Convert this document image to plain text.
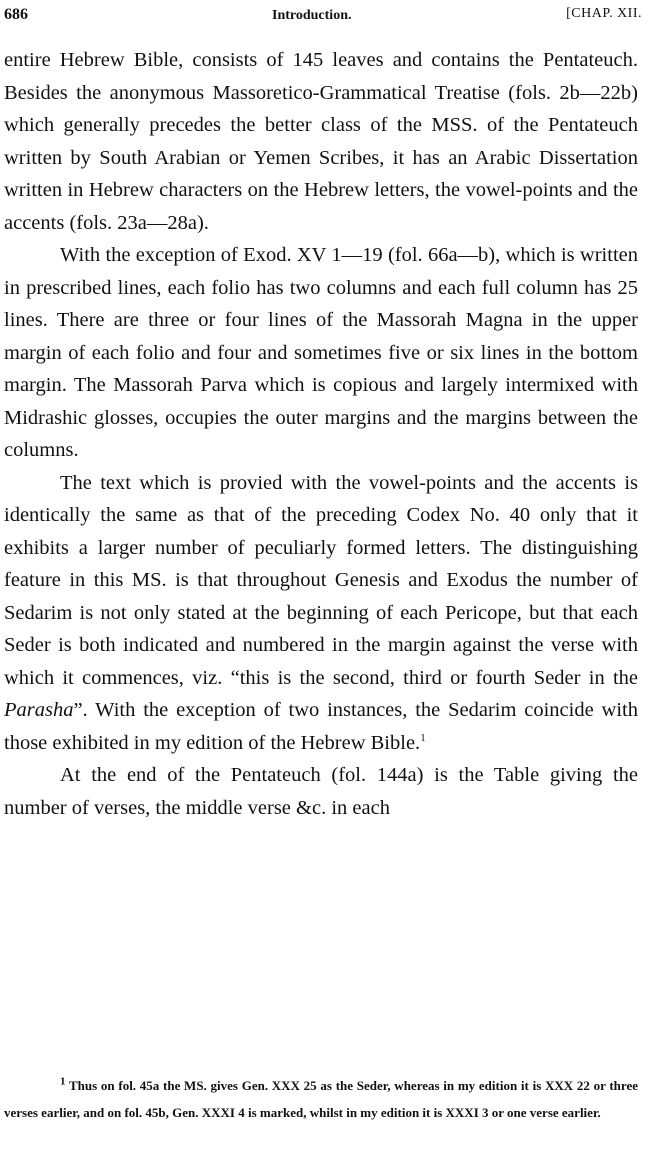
686	Introduction.	[CHAP. XII.

entire Hebrew Bible, consists of 145 leaves and contains the Pentateuch. Besides the anonymous Massoretico-Grammatical Treatise (fols. 2b—22b) which generally precedes the better class of the MSS. of the Pentateuch written by South Arabian or Yemen Scribes, it has an Arabic Dissertation written in Hebrew characters on the Hebrew letters, the vowel-points and the accents (fols. 23a—28a).

With the exception of Exod. XV 1—19 (fol. 66a—b), which is written in prescribed lines, each folio has two columns and each full column has 25 lines. There are three or four lines of the Massorah Magna in the upper margin of each folio and four and sometimes five or six lines in the bottom margin. The Massorah Parva which is copious and largely intermixed with Midrashic glosses, occupies the outer margins and the margins between the columns.

The text which is provied with the vowel-points and the accents is identically the same as that of the preceding Codex No. 40 only that it exhibits a larger number of peculiarly formed letters. The distinguishing feature in this MS. is that throughout Genesis and Exodus the number of Sedarim is not only stated at the beginning of each Pericope, but that each Seder is both indicated and numbered in the margin against the verse with which it commences, viz. “this is the second, third or fourth Seder in the Parasha”. With the exception of two instances, the Sedarim coincide with those exhibited in my edition of the Hebrew Bible.$^1$

At the end of the Pentateuch (fol. 144a) is the Table giving the number of verses, the middle verse &c. in each

$^1$ Thus on fol. 45a the MS. gives Gen. XXX 25 as the Seder, whereas in my edition it is XXX 22 or three verses earlier, and on fol. 45b, Gen. XXXI 4 is marked, whilst in my edition it is XXXI 3 or one verse earlier.
